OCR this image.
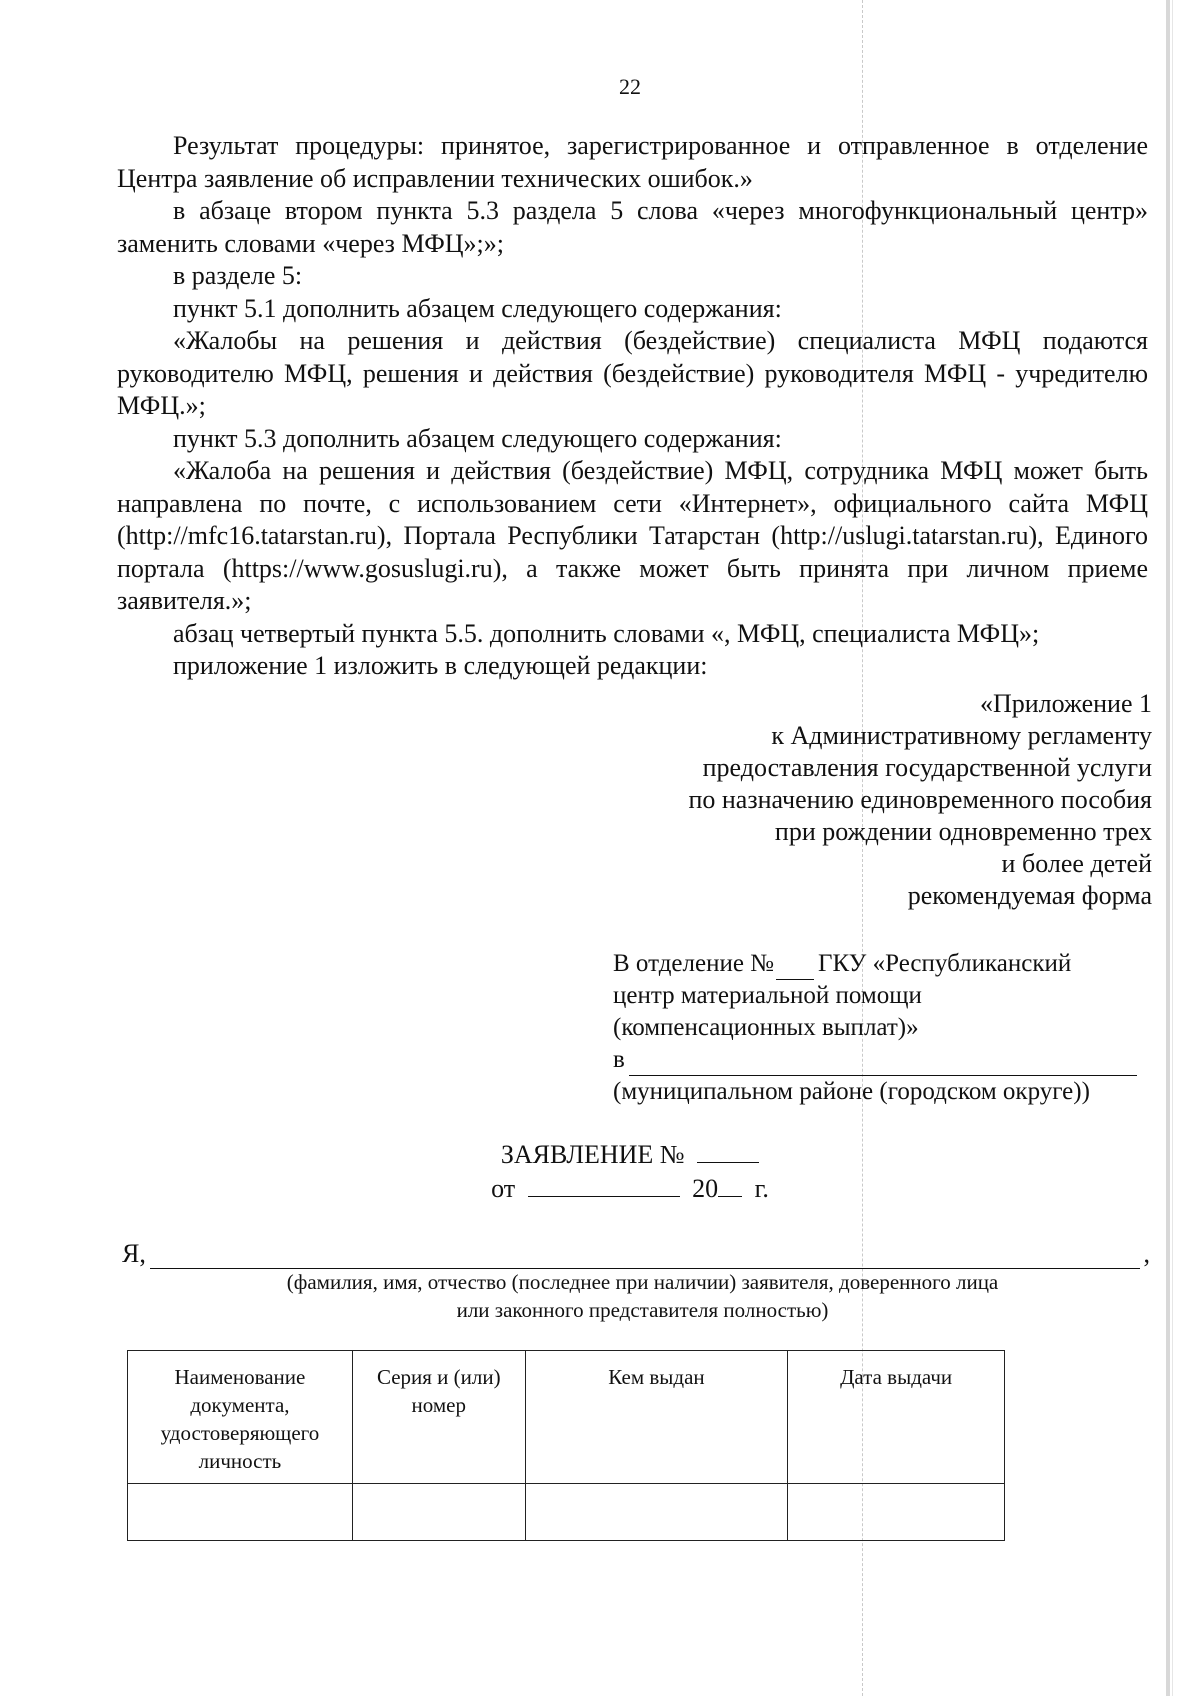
22

Результат процедуры: принятое, зарегистрированное и отправленное в отделение Центра заявление об исправлении технических ошибок.»

в абзаце втором пункта 5.3 раздела 5 слова «через многофункциональный центр» заменить словами «через МФЦ»;»;

в разделе 5:

пункт 5.1 дополнить абзацем следующего содержания:

«Жалобы на решения и действия (бездействие) специалиста МФЦ подаются руководителю МФЦ, решения и действия (бездействие) руководителя МФЦ - учредителю МФЦ.»;

пункт 5.3 дополнить абзацем следующего содержания:

«Жалоба на решения и действия (бездействие) МФЦ, сотрудника МФЦ может быть направлена по почте, с использованием сети «Интернет», официального сайта МФЦ (http://mfc16.tatarstan.ru), Портала Республики Татарстан (http://uslugi.tatarstan.ru), Единого портала (https://www.gosuslugi.ru), а также может быть принята при личном приеме заявителя.»;

абзац четвертый пункта 5.5. дополнить словами «, МФЦ, специалиста МФЦ»;

приложение 1 изложить в следующей редакции:

«Приложение 1
к Административному регламенту
предоставления государственной услуги
по назначению единовременного пособия
при рождении одновременно трех
и более детей
рекомендуемая форма
В отделение № ГКУ «Республиканский
центр материальной помощи
(компенсационных выплат)»
в
(муниципальном районе (городском округе))
ЗАЯВЛЕНИЕ №
от	20 г.
Я,	,
(фамилия, имя, отчество (последнее при наличии) заявителя, доверенного лица
или законного представителя полностью)
Наименование документа, удостоверяющего личность	Серия и (или) номер	Кем выдан	Дата выдачи
